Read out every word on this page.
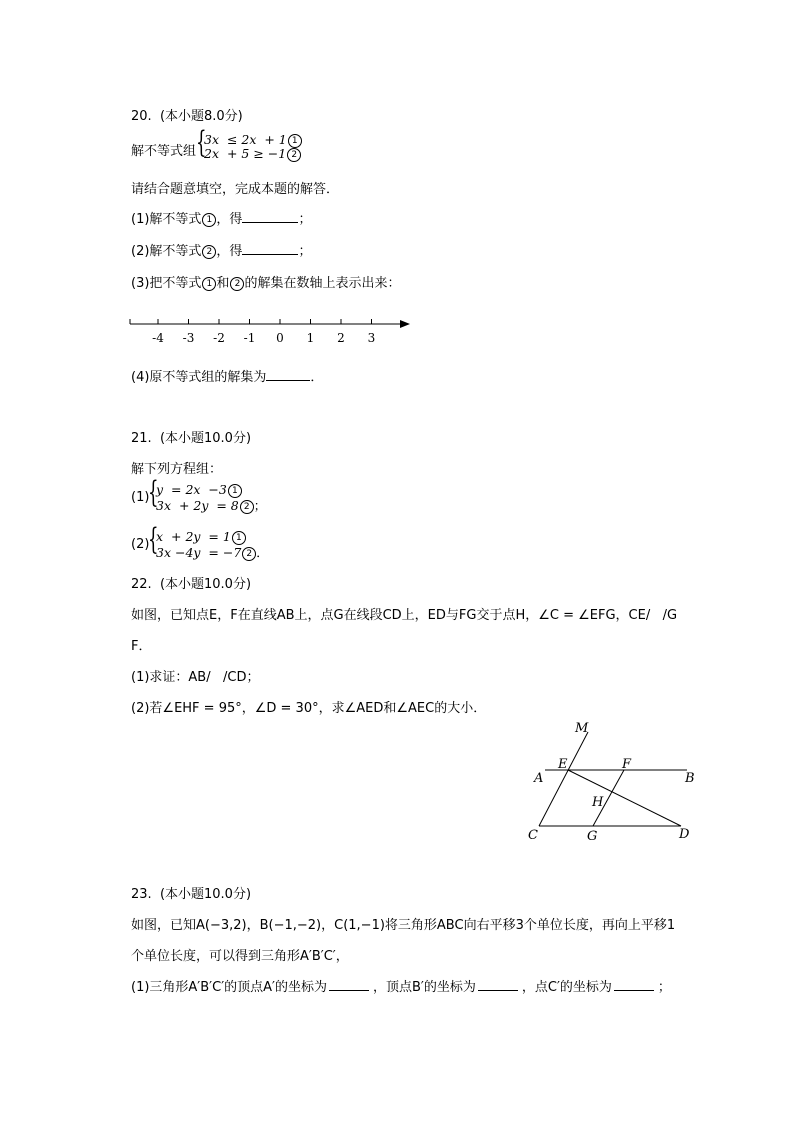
20.  (本小题8.0分)
解不等式组 {
3x  ≤ 2x  + 1 1
2x  + 5 ≥ −1 2
请结合题意填空，完成本题的解答．
(1)解不等式 1 ，得	；
(2)解不等式 2 ，得	；
(3)把不等式 1 和 2 的解集在数轴上表示出来：
-4 -3 -2 -1 0 1 2 3
(4)原不等式组的解集为	．
21.  (本小题10.0分)
解下列方程组：
(1)
{
y  = 2x  −3 1
3x  + 2y  = 8 2 ；
(2)
{
x  + 2y  = 1 1
3x −4y  = −7 2 ．
22.  (本小题10.0分)
如图，已知点E，F在直线AB上，点G在线段CD上，ED与FG交于点H，∠C = ∠EFG，CE/   /G
F．
(1)求证：AB/   /CD；
(2)若∠EHF = 95°，∠D = 30°，求∠AED和∠AEC的大小．
M
E	F
A	B
H
C	G	D
23.  (本小题10.0分)
如图，已知A(−3,2)，B(−1,−2)，C(1,−1)将三角形ABC向右平移3个单位长度，再向上平移1
个单位长度，可以得到三角形A′B′C′，
(1)三角形A′B′C′的顶点A′的坐标为	，顶点B′的坐标为	，点C′的坐标为	；
